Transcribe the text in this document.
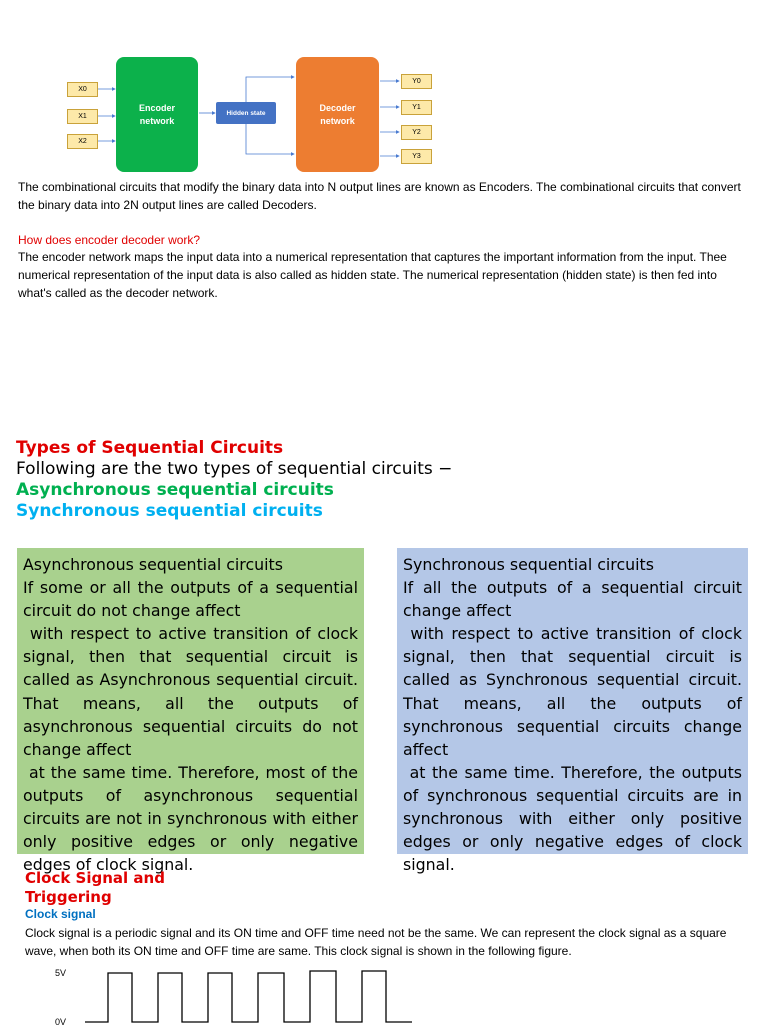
X0
X1
X2
Encoder
network
Hidden state
Decoder
network
Y0
Y1
Y2
Y3
The combinational circuits that modify the binary data into N output lines are known as Encoders. The combinational circuits that convert the binary data into 2N output lines are called Decoders.
How does encoder decoder work?
The encoder network maps the input data into a numerical representation that captures the important information from the input. Thee numerical representation of the input data is also called as hidden state. The numerical representation (hidden state) is then fed into what's called as the decoder network.
Types of Sequential Circuits
Following are the two types of sequential circuits −
Asynchronous sequential circuits
Synchronous sequential circuits
Asynchronous sequential circuits
If some or all the outputs of a sequential circuit do not change affect
with respect to active transition of clock signal, then that sequential circuit is called as Asynchronous sequential circuit. That means, all the outputs of asynchronous sequential circuits do not change affect
at the same time. Therefore, most of the outputs of asynchronous sequential circuits are not in synchronous with either only positive edges or only negative edges of clock signal.
Synchronous sequential circuits
If all the outputs of a sequential circuit change affect
with respect to active transition of clock signal, then that sequential circuit is called as Synchronous sequential circuit. That means, all the outputs of synchronous sequential circuits change affect
at the same time. Therefore, the outputs of synchronous sequential circuits are in synchronous with either only positive edges or only negative edges of clock signal.
Clock Signal and
Triggering
Clock signal
Clock signal is a periodic signal and its ON time and OFF time need not be the same. We can represent the clock signal as a square wave, when both its ON time and OFF time are same. This clock signal is shown in the following figure.
5V
0V
